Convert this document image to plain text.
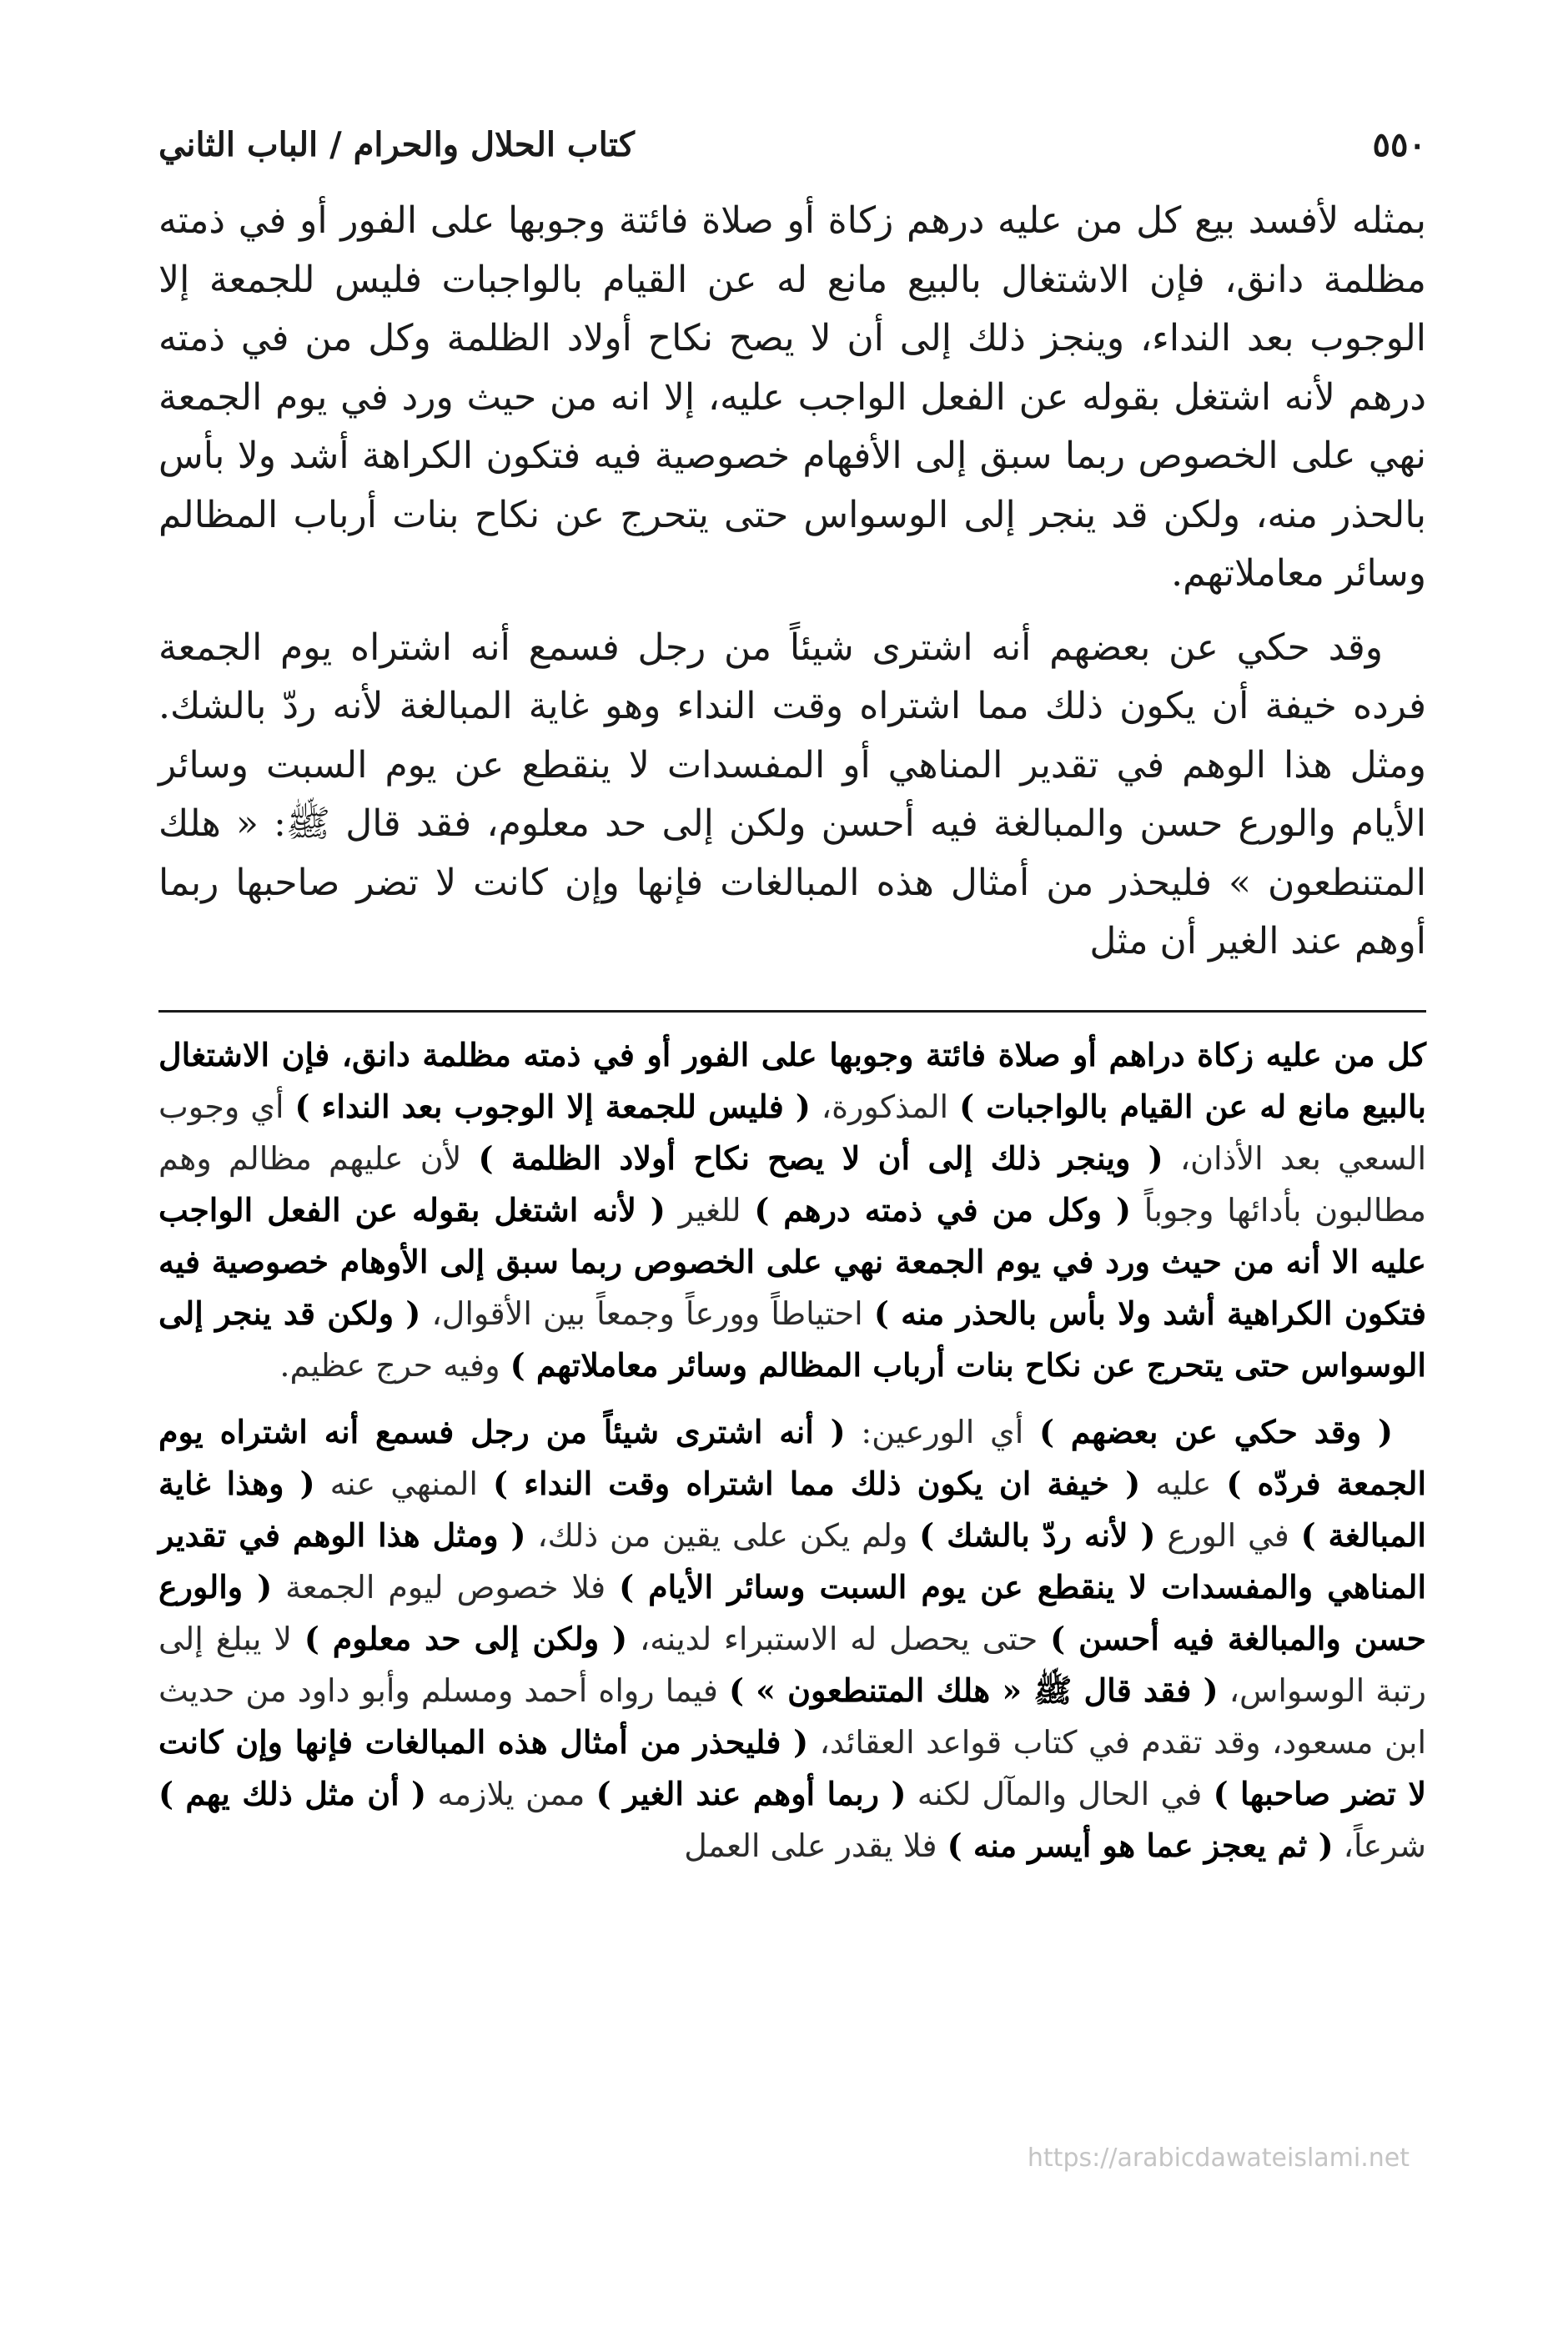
٥٥٠
كتاب الحلال والحرام / الباب الثاني

بمثله لأفسد بيع كل من عليه درهم زكاة أو صلاة فائتة وجوبها على الفور أو في ذمته مظلمة دانق، فإن الاشتغال بالبيع مانع له عن القيام بالواجبات فليس للجمعة إلا الوجوب بعد النداء، وينجز ذلك إلى أن لا يصح نكاح أولاد الظلمة وكل من في ذمته درهم لأنه اشتغل بقوله عن الفعل الواجب عليه، إلا انه من حيث ورد في يوم الجمعة نهي على الخصوص ربما سبق إلى الأفهام خصوصية فيه فتكون الكراهة أشد ولا بأس بالحذر منه، ولكن قد ينجر إلى الوسواس حتى يتحرج عن نكاح بنات أرباب المظالم وسائر معاملاتهم.

وقد حكي عن بعضهم أنه اشترى شيئاً من رجل فسمع أنه اشتراه يوم الجمعة فرده خيفة أن يكون ذلك مما اشتراه وقت النداء وهو غاية المبالغة لأنه ردّ بالشك. ومثل هذا الوهم في تقدير المناهي أو المفسدات لا ينقطع عن يوم السبت وسائر الأيام والورع حسن والمبالغة فيه أحسن ولكن إلى حد معلوم، فقد قال ﷺ: « هلك المتنطعون » فليحذر من أمثال هذه المبالغات فإنها وإن كانت لا تضر صاحبها ربما أوهم عند الغير أن مثل

كل من عليه زكاة دراهم أو صلاة فائتة وجوبها على الفور أو في ذمته مظلمة دانق، فإن الاشتغال بالبيع مانع له عن القيام بالواجبات ) المذكورة، ( فليس للجمعة إلا الوجوب بعد النداء ) أي وجوب السعي بعد الأذان، ( وينجر ذلك إلى أن لا يصح نكاح أولاد الظلمة ) لأن عليهم مظالم وهم مطالبون بأدائها وجوباً ( وكل من في ذمته درهم ) للغير ( لأنه اشتغل بقوله عن الفعل الواجب عليه الا أنه من حيث ورد في يوم الجمعة نهي على الخصوص ربما سبق إلى الأوهام خصوصية فيه فتكون الكراهية أشد ولا بأس بالحذر منه ) احتياطاً وورعاً وجمعاً بين الأقوال، ( ولكن قد ينجر إلى الوسواس حتى يتحرج عن نكاح بنات أرباب المظالم وسائر معاملاتهم ) وفيه حرج عظيم.

( وقد حكي عن بعضهم ) أي الورعين: ( أنه اشترى شيئاً من رجل فسمع أنه اشتراه يوم الجمعة فردّه ) عليه ( خيفة ان يكون ذلك مما اشتراه وقت النداء ) المنهي عنه ( وهذا غاية المبالغة ) في الورع ( لأنه ردّ بالشك ) ولم يكن على يقين من ذلك، ( ومثل هذا الوهم في تقدير المناهي والمفسدات لا ينقطع عن يوم السبت وسائر الأيام ) فلا خصوص ليوم الجمعة ( والورع حسن والمبالغة فيه أحسن ) حتى يحصل له الاستبراء لدينه، ( ولكن إلى حد معلوم ) لا يبلغ إلى رتبة الوسواس، ( فقد قال ﷺ « هلك المتنطعون » ) فيما رواه أحمد ومسلم وأبو داود من حديث ابن مسعود، وقد تقدم في كتاب قواعد العقائد، ( فليحذر من أمثال هذه المبالغات فإنها وإن كانت لا تضر صاحبها ) في الحال والمآل لكنه ( ربما أوهم عند الغير ) ممن يلازمه ( أن مثل ذلك يهم ) شرعاً، ( ثم يعجز عما هو أيسر منه ) فلا يقدر على العمل

https://arabicdawateislami.net
